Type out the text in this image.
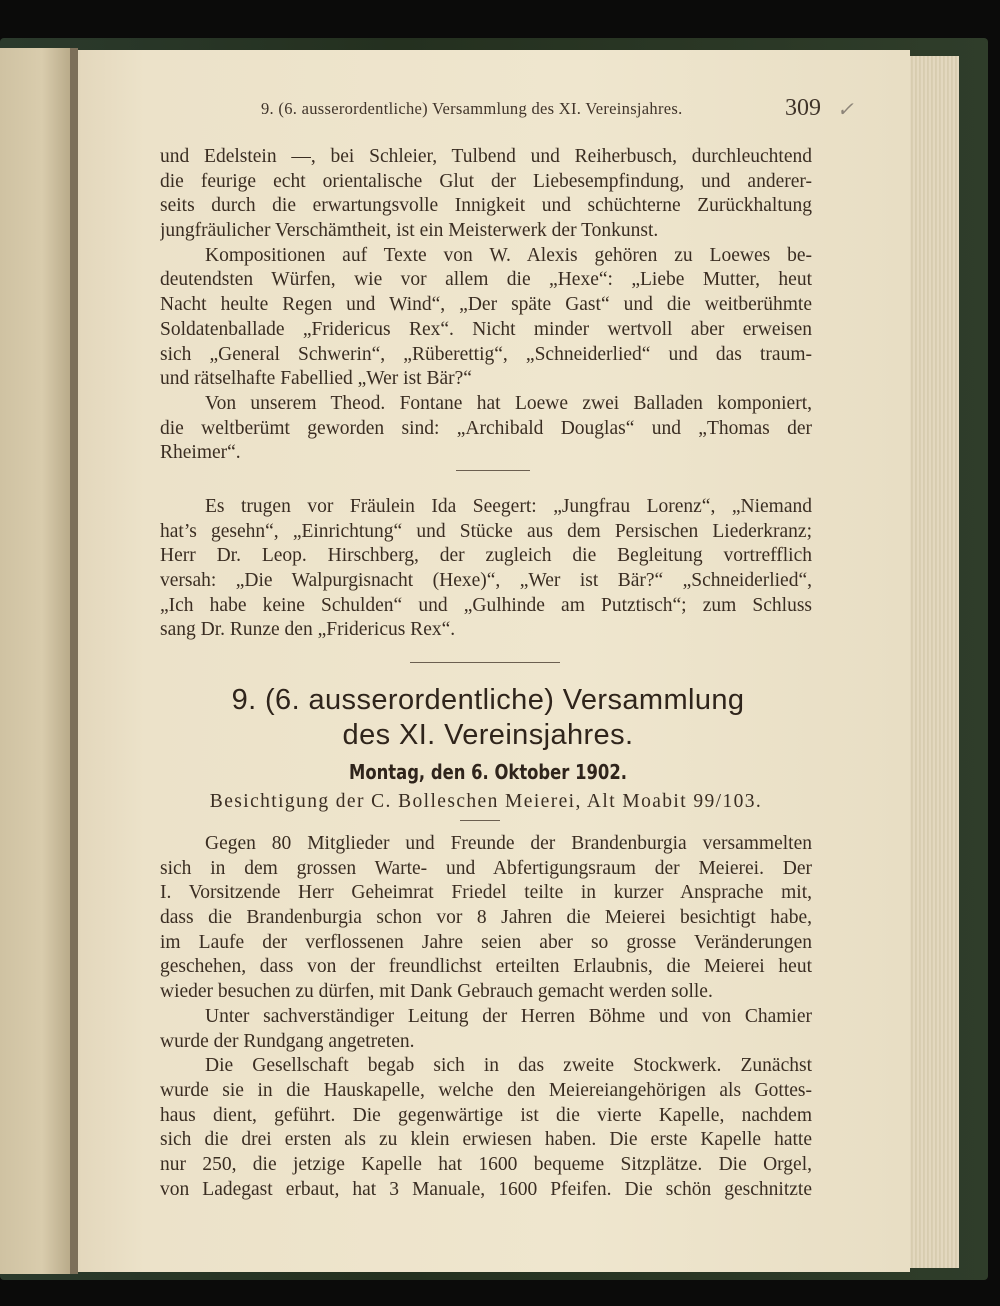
9. (6. ausserordentliche) Versammlung des XI. Vereinsjahres.	309 ✓
und Edelstein —, bei Schleier, Tulbend und Reiherbusch, durchleuchtend
die feurige echt orientalische Glut der Liebesempfindung, und anderer-
seits durch die erwartungsvolle Innigkeit und schüchterne Zurückhaltung
jungfräulicher Verschämtheit, ist ein Meisterwerk der Tonkunst.
Kompositionen auf Texte von W. Alexis gehören zu Loewes be-
deutendsten Würfen, wie vor allem die „Hexe“: „Liebe Mutter, heut
Nacht heulte Regen und Wind“, „Der späte Gast“ und die weitberühmte
Soldatenballade „Fridericus Rex“. Nicht minder wertvoll aber erweisen
sich „General Schwerin“, „Rüberettig“, „Schneiderlied“ und das traum-
und rätselhafte Fabellied „Wer ist Bär?“
Von unserem Theod. Fontane hat Loewe zwei Balladen komponiert,
die weltberümt geworden sind: „Archibald Douglas“ und „Thomas der
Rheimer“.
Es trugen vor Fräulein Ida Seegert: „Jungfrau Lorenz“, „Niemand
hat’s gesehn“, „Einrichtung“ und Stücke aus dem Persischen Liederkranz;
Herr Dr. Leop. Hirschberg, der zugleich die Begleitung vortrefflich
versah: „Die Walpurgisnacht (Hexe)“, „Wer ist Bär?“ „Schneiderlied“,
„Ich habe keine Schulden“ und „Gulhinde am Putztisch“; zum Schluss
sang Dr. Runze den „Fridericus Rex“.
9. (6. ausserordentliche) Versammlung
des XI. Vereinsjahres.
Montag, den 6. Oktober 1902.
Besichtigung der C. Bolleschen Meierei, Alt Moabit 99/103.
Gegen 80 Mitglieder und Freunde der Brandenburgia versammelten
sich in dem grossen Warte- und Abfertigungsraum der Meierei. Der
I. Vorsitzende Herr Geheimrat Friedel teilte in kurzer Ansprache mit,
dass die Brandenburgia schon vor 8 Jahren die Meierei besichtigt habe,
im Laufe der verflossenen Jahre seien aber so grosse Veränderungen
geschehen, dass von der freundlichst erteilten Erlaubnis, die Meierei heut
wieder besuchen zu dürfen, mit Dank Gebrauch gemacht werden solle.
Unter sachverständiger Leitung der Herren Böhme und von Chamier
wurde der Rundgang angetreten.
Die Gesellschaft begab sich in das zweite Stockwerk. Zunächst
wurde sie in die Hauskapelle, welche den Meiereiangehörigen als Gottes-
haus dient, geführt. Die gegenwärtige ist die vierte Kapelle, nachdem
sich die drei ersten als zu klein erwiesen haben. Die erste Kapelle hatte
nur 250, die jetzige Kapelle hat 1600 bequeme Sitzplätze. Die Orgel,
von Ladegast erbaut, hat 3 Manuale, 1600 Pfeifen. Die schön geschnitzte
